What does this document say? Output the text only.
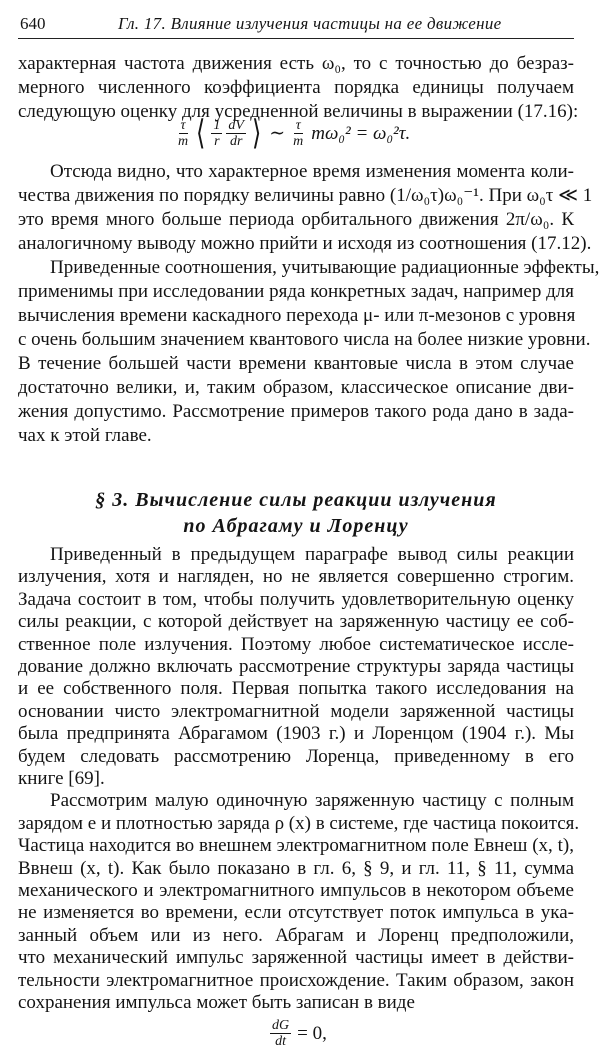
640	Гл. 17. Влияние излучения частицы на ее движение
характерная частота движения есть ω₀, то с точностью до безраз-
мерного численного коэффициента порядка единицы получаем
следующую оценку для усредненной величины в выражении (17.16):
$\frac{\tau}{m}$ ⟨ $\frac{1}{r} \frac{dV}{dr}$ ⟩ ∼ $\frac{\tau}{m} m\omega_0^2 = \omega_0^2\tau$.
Отсюда видно, что характерное время изменения момента коли-
чества движения по порядку величины равно (1/ω₀τ)ω₀⁻¹. При ω₀τ ≪ 1
это время много больше периода орбитального движения 2π/ω₀. К
аналогичному выводу можно прийти и исходя из соотношения (17.12).
Приведенные соотношения, учитывающие радиационные эффекты,
применимы при исследовании ряда конкретных задач, например для
вычисления времени каскадного перехода μ- или π-мезонов с уровня
с очень большим значением квантового числа на более низкие уровни.
В течение большей части времени квантовые числа в этом случае
достаточно велики, и, таким образом, классическое описание дви-
жения допустимо. Рассмотрение примеров такого рода дано в зада-
чах к этой главе.
§ 3. Вычисление силы реакции излучения
по Абрагаму и Лоренцу
Приведенный в предыдущем параграфе вывод силы реакции
излучения, хотя и нагляден, но не является совершенно строгим.
Задача состоит в том, чтобы получить удовлетворительную оценку
силы реакции, с которой действует на заряженную частицу ее соб-
ственное поле излучения. Поэтому любое систематическое иссле-
дование должно включать рассмотрение структуры заряда частицы
и ее собственного поля. Первая попытка такого исследования на
основании чисто электромагнитной модели заряженной частицы
была предпринята Абрагамом (1903 г.) и Лоренцом (1904 г.). Мы
будем следовать рассмотрению Лоренца, приведенному в его
книге [69].
Рассмотрим малую одиночную заряженную частицу с полным
зарядом e и плотностью заряда ρ (x) в системе, где частица покоится.
Частица находится во внешнем электромагнитном поле Eвнеш (x, t),
Bвнеш (x, t). Как было показано в гл. 6, § 9, и гл. 11, § 11, сумма
механического и электромагнитного импульсов в некотором объеме
не изменяется во времени, если отсутствует поток импульса в ука-
занный объем или из него. Абрагам и Лоренц предположили,
что механический импульс заряженной частицы имеет в действи-
тельности электромагнитное происхождение. Таким образом, закон
сохранения импульса может быть записан в виде
$\frac{dG}{dt} = 0$,
